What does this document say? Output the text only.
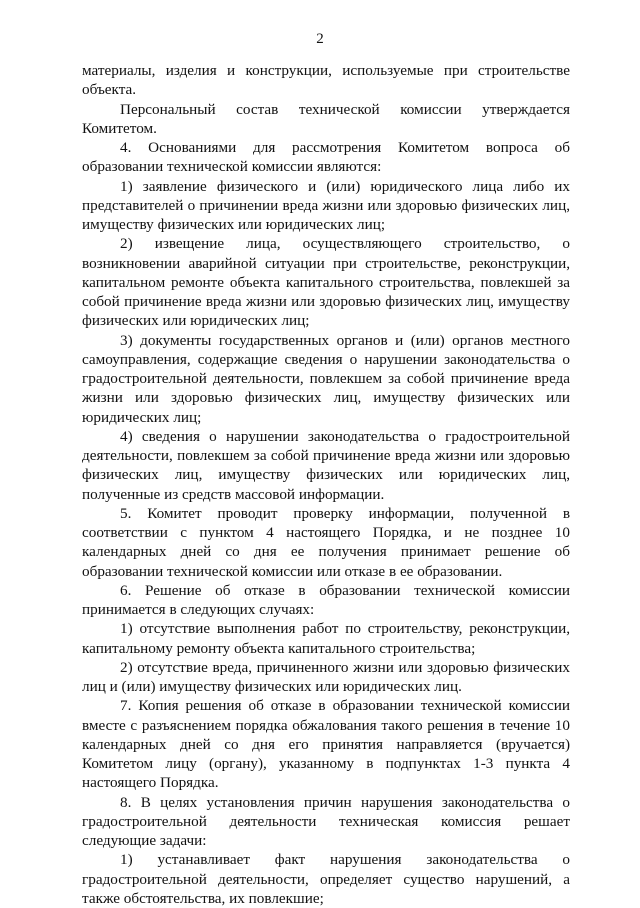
2

материалы, изделия и конструкции, используемые при строительстве объекта.

Персональный состав технической комиссии утверждается Комитетом.

4. Основаниями для рассмотрения Комитетом вопроса об образовании технической комиссии являются:

1) заявление физического и (или) юридического лица либо их представителей о причинении вреда жизни или здоровью физических лиц, имуществу физических или юридических лиц;

2) извещение лица, осуществляющего строительство, о возникновении аварийной ситуации при строительстве, реконструкции, капитальном ремонте объекта капитального строительства, повлекшей за собой причинение вреда жизни или здоровью физических лиц, имуществу физических или юридических лиц;

3) документы государственных органов и (или) органов местного самоуправления, содержащие сведения о нарушении законодательства о градостроительной деятельности, повлекшем за собой причинение вреда жизни или здоровью физических лиц, имуществу физических или юридических лиц;

4) сведения о нарушении законодательства о градостроительной деятельности, повлекшем за собой причинение вреда жизни или здоровью физических лиц, имуществу физических или юридических лиц, полученные из средств массовой информации.

5. Комитет проводит проверку информации, полученной в соответствии с пунктом 4 настоящего Порядка, и не позднее 10 календарных дней со дня ее получения принимает решение об образовании технической комиссии или отказе в ее образовании.

6. Решение об отказе в образовании технической комиссии принимается в следующих случаях:

1) отсутствие выполнения работ по строительству, реконструкции, капитальному ремонту объекта капитального строительства;

2) отсутствие вреда, причиненного жизни или здоровью физических лиц и (или) имуществу физических или юридических лиц.

7. Копия решения об отказе в образовании технической комиссии вместе с разъяснением порядка обжалования такого решения в течение 10 календарных дней со дня его принятия направляется (вручается) Комитетом лицу (органу), указанному в подпунктах 1-3 пункта 4 настоящего Порядка.

8. В целях установления причин нарушения законодательства о градостроительной деятельности техническая комиссия решает следующие задачи:

1) устанавливает факт нарушения законодательства о градостроительной деятельности, определяет существо нарушений, а также обстоятельства, их повлекшие;
